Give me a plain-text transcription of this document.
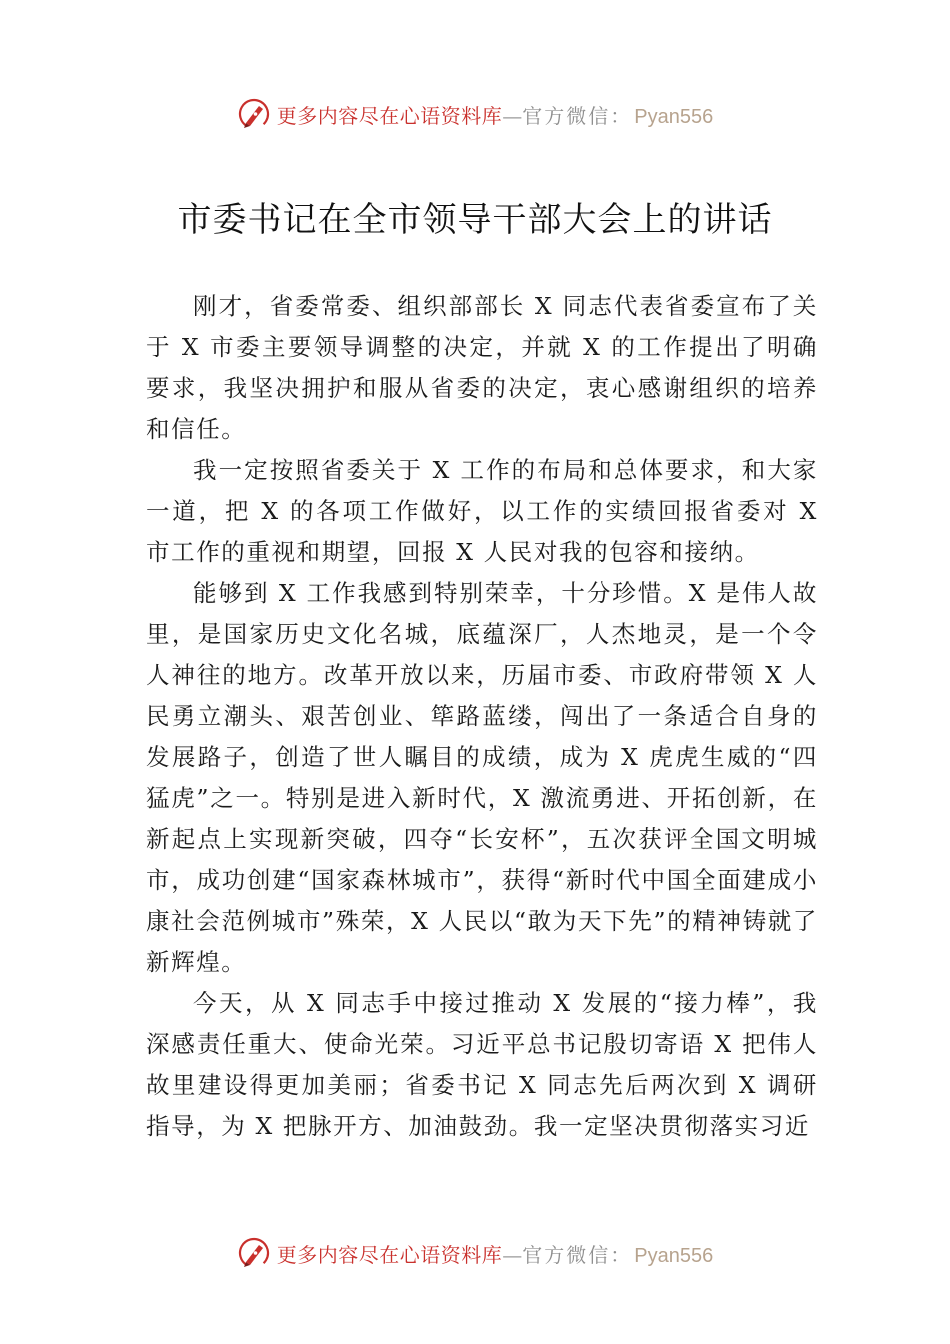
更多内容尽在心语资料库 — 官方微信： Pyan556
市委书记在全市领导干部大会上的讲话

刚才，省委常委、组织部部长 X 同志代表省委宣布了关于 X 市委主要领导调整的决定，并就 X 的工作提出了明确要求，我坚决拥护和服从省委的决定，衷心感谢组织的培养和信任。

我一定按照省委关于 X 工作的布局和总体要求，和大家一道，把 X 的各项工作做好，以工作的实绩回报省委对 X 市工作的重视和期望，回报 X 人民对我的包容和接纳。

能够到 X 工作我感到特别荣幸，十分珍惜。X 是伟人故里，是国家历史文化名城，底蕴深⼚，人杰地灵，是一个令人神往的地方。改革开放以来，历届市委、市政府带领 X 人民勇立潮头、艰苦创业、筚路蓝缕，闯出了一条适合自身的发展路子，创造了世人瞩目的成绩，成为 X 虎虎生威的“四猛虎”之一。特别是进入新时代，X 激流勇进、开拓创新，在新起点上实现新突破，四夺“长安杯”，五次获评全国文明城市，成功创建“国家森林城市”，获得“新时代中国全面建成小康社会范例城市”殊荣，X 人民以“敢为天下先”的精神铸就了新辉煌。

今天，从 X 同志手中接过推动 X 发展的“接力棒”，我深感责任重大、使命光荣。习近平总书记殷切寄语 X 把伟人故里建设得更加美丽；省委书记 X 同志先后两次到 X 调研指导，为 X 把脉开方、加油鼓劲。我一定坚决贯彻落实习近

更多内容尽在心语资料库 — 官方微信： Pyan556
